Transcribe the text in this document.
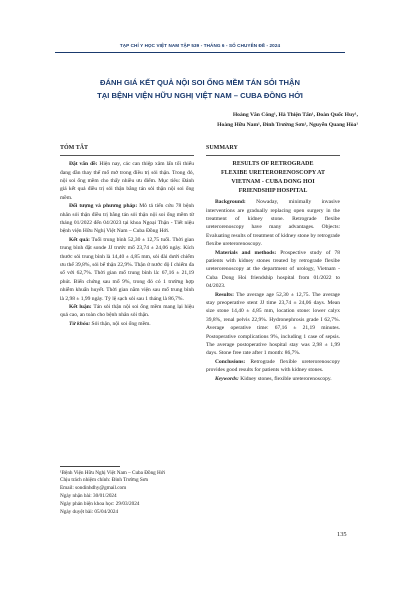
TẠP CHÍ Y HỌC VIỆT NAM TẬP 539 - THÁNG 6 - SỐ CHUYÊN ĐỀ - 2024
ĐÁNH GIÁ KẾT QUẢ NỘI SOI ỐNG MỀM TÁN SỎI THẬN
TẠI BỆNH VIỆN HỮU NGHỊ VIỆT NAM – CUBA ĐỒNG HỚI
Hoàng Văn Công¹, Hà Thiện Tấn¹, Đoàn Quốc Huy¹,
Hoàng Hữu Nam¹, Đinh Trường Sơn¹, Nguyễn Quang Hòa¹
TÓM TẮT

Đặt vấn đề: Hiện nay, các can thiệp xâm lấn tối thiểu đang dần thay thế mổ mở trong điều trị sỏi thận. Trong đó, nội soi ống mềm cho thấy nhiều ưu điểm. Mục tiêu: Đánh giá kết quả điều trị sỏi thận bằng tán sỏi thận nội soi ống mềm.

Đối tượng và phương pháp: Mô tả tiến cứu 78 bệnh nhân sỏi thận điều trị bằng tán sỏi thận nội soi ống mềm từ tháng 01/2022 đến 04/2023 tại khoa Ngoại Thận - Tiết niệu bệnh viện Hữu Nghị Việt Nam – Cuba Đồng Hới.

Kết quả: Tuổi trung bình 52,30 ± 12,75 tuổi. Thời gian trung bình đặt sonde JJ trước mổ 23,74 ± 24,06 ngày. Kích thước sỏi trung bình là 14,40 ± 4,85 mm, sỏi đài dưới chiếm ưu thế 39,8%, sỏi bể thận 22,9%. Thận ứ nước độ I chiếm đa số với 62,7%. Thời gian mổ trung bình là: 67,16 ± 21,19 phút. Biến chứng sau mổ 9%, trong đó có 1 trường hợp nhiễm khuẩn huyết. Thời gian nằm viện sau mổ trung bình là 2,98 ± 1,99 ngày. Tỷ lệ sạch sỏi sau 1 tháng là 86,7%.

Kết luận: Tán sỏi thận nội soi ống mềm mang lại hiệu quả cao, an toàn cho bệnh nhân sỏi thận.

Từ khóa: Sỏi thận, nội soi ống mềm.

¹Bệnh Viện Hữu Nghị Việt Nam – Cuba Đồng Hới
Chịu trách nhiệm chính: Đinh Trường Sơn
Email: sondinhdhy@gmail.com
Ngày nhận bài: 30/01/2024
Ngày phản biện khoa học: 29/03/2024
Ngày duyệt bài: 05/04/2024
SUMMARY
RESULTS OF RETROGRADE
FLEXIBE URETERORENOSCOPY AT
VIETNAM - CUBA DONG HOI
FRIENDSHIP HOSPITAL

Background: Nowaday, minimally invasive interventions are gradually replacing open surgery in the treatment of kidney stone. Retrograde flexibe ureterorenoscopy have many advantages. Objects: Evaluating results of treatment of kidney stone by retrograde flexibe ureterorenoscopy.

Materials and methods: Prospective study of 78 patients with kidney stones treated by retrograde flexibe ureterorenoscopy at the department of urology, Vietnam - Cuba Dong Hoi friendship hospital from 01/2022 to 04/2023.

Results: The average age 52,30 ± 12,75. The average stay preoperative stent JJ time 23,74 ± 24,06 days. Mean size stone 14,40 ± 4,85 mm, location stone: lower calyx 39,8%, renal pelvis 22,9%. Hydronephrosis grade I 62,7%. Average operative time: 67,16 ± 21,19 minutes. Postoperative complications 9%, including 1 case of sepsis. The average postoperative hospital stay was 2,98 ± 1,99 days. Stone free rate after 1 month: 86,7%.

Conclusions: Retrograde flexible ureterorenoscopy provides good results for patients with kidney stones.

Keywords: Kidney stones, flexible ureterorenoscopy.

135
